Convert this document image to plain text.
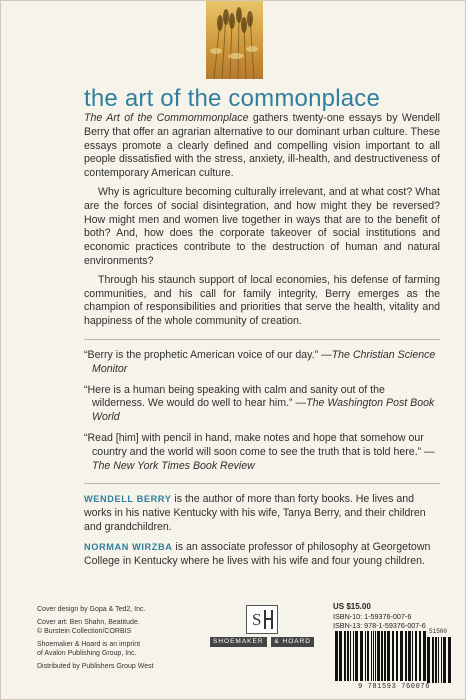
the art of the commonplace

The Art of the Commommonplace gathers twenty-one essays by Wendell Berry that offer an agrarian alternative to our dominant urban culture. These essays promote a clearly defined and compelling vision important to all people dissatisfied with the stress, anxiety, ill-health, and destructiveness of contemporary American culture.

Why is agriculture becoming culturally irrelevant, and at what cost? What are the forces of social disintegration, and how might they be reversed? How might men and women live together in ways that are to the benefit of both? And, how does the corporate takeover of social institutions and economic practices contribute to the destruction of human and natural environments?

Through his staunch support of local economies, his defense of farming communities, and his call for family integrity, Berry emerges as the champion of responsibilities and priorities that serve the health, vitality and happiness of the whole community of creation.

“Berry is the prophetic American voice of our day.” —The Christian Science Monitor

“Here is a human being speaking with calm and sanity out of the wilderness. We would do well to hear him.” —The Washington Post Book World

“Read [him] with pencil in hand, make notes and hope that somehow our country and the world will soon come to see the truth that is told here.” —The New York Times Book Review

WENDELL BERRY is the author of more than forty books. He lives and works in his native Kentucky with his wife, Tanya Berry, and their children and grandchildren.

NORMAN WIRZBA is an associate professor of philosophy at Georgetown College in Kentucky where he lives with his wife and four young children.

Cover design by Gopa & Ted2, Inc.
Cover art: Ben Shahn, Beatitude.
© Burstein Collection/CORBIS
Shoemaker & Hoard is an imprint
of Avalon Publishing Group, Inc.
Distributed by Publishers Group West
S
SHOEMAKER	& HOARD
US $15.00
ISBN-10: 1-59376-007-6
ISBN-13: 978-1-59376-007-6
51500
9 781593 760076
